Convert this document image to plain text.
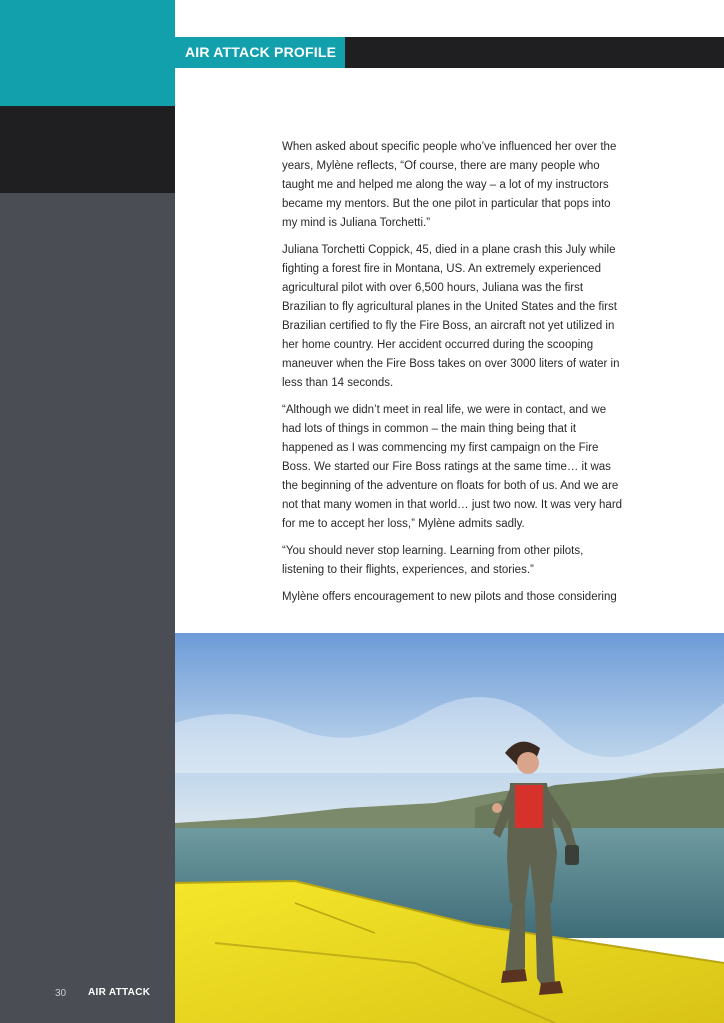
AIR ATTACK PROFILE

When asked about specific people who’ve influenced her over the years, Mylène reflects, “Of course, there are many people who taught me and helped me along the way – a lot of my instructors became my mentors. But the one pilot in particular that pops into my mind is Juliana Torchetti.”

Juliana Torchetti Coppick, 45, died in a plane crash this July while fighting a forest fire in Montana, US. An extremely experienced agricultural pilot with over 6,500 hours, Juliana was the first Brazilian to fly agricultural planes in the United States and the first Brazilian certified to fly the Fire Boss, an aircraft not yet utilized in her home country. Her accident occurred during the scooping maneuver when the Fire Boss takes on over 3000 liters of water in less than 14 seconds.

“Although we didn’t meet in real life, we were in contact, and we had lots of things in common – the main thing being that it happened as I was commencing my first campaign on the Fire Boss. We started our Fire Boss ratings at the same time… it was the beginning of the adventure on floats for both of us. And we are not that many women in that world… just two now. It was very hard for me to accept her loss,” Mylène admits sadly.

“You should never stop learning. Learning from other pilots, listening to their flights, experiences, and stories.”

Mylène offers encouragement to new pilots and those considering

30 AIR ATTACK
